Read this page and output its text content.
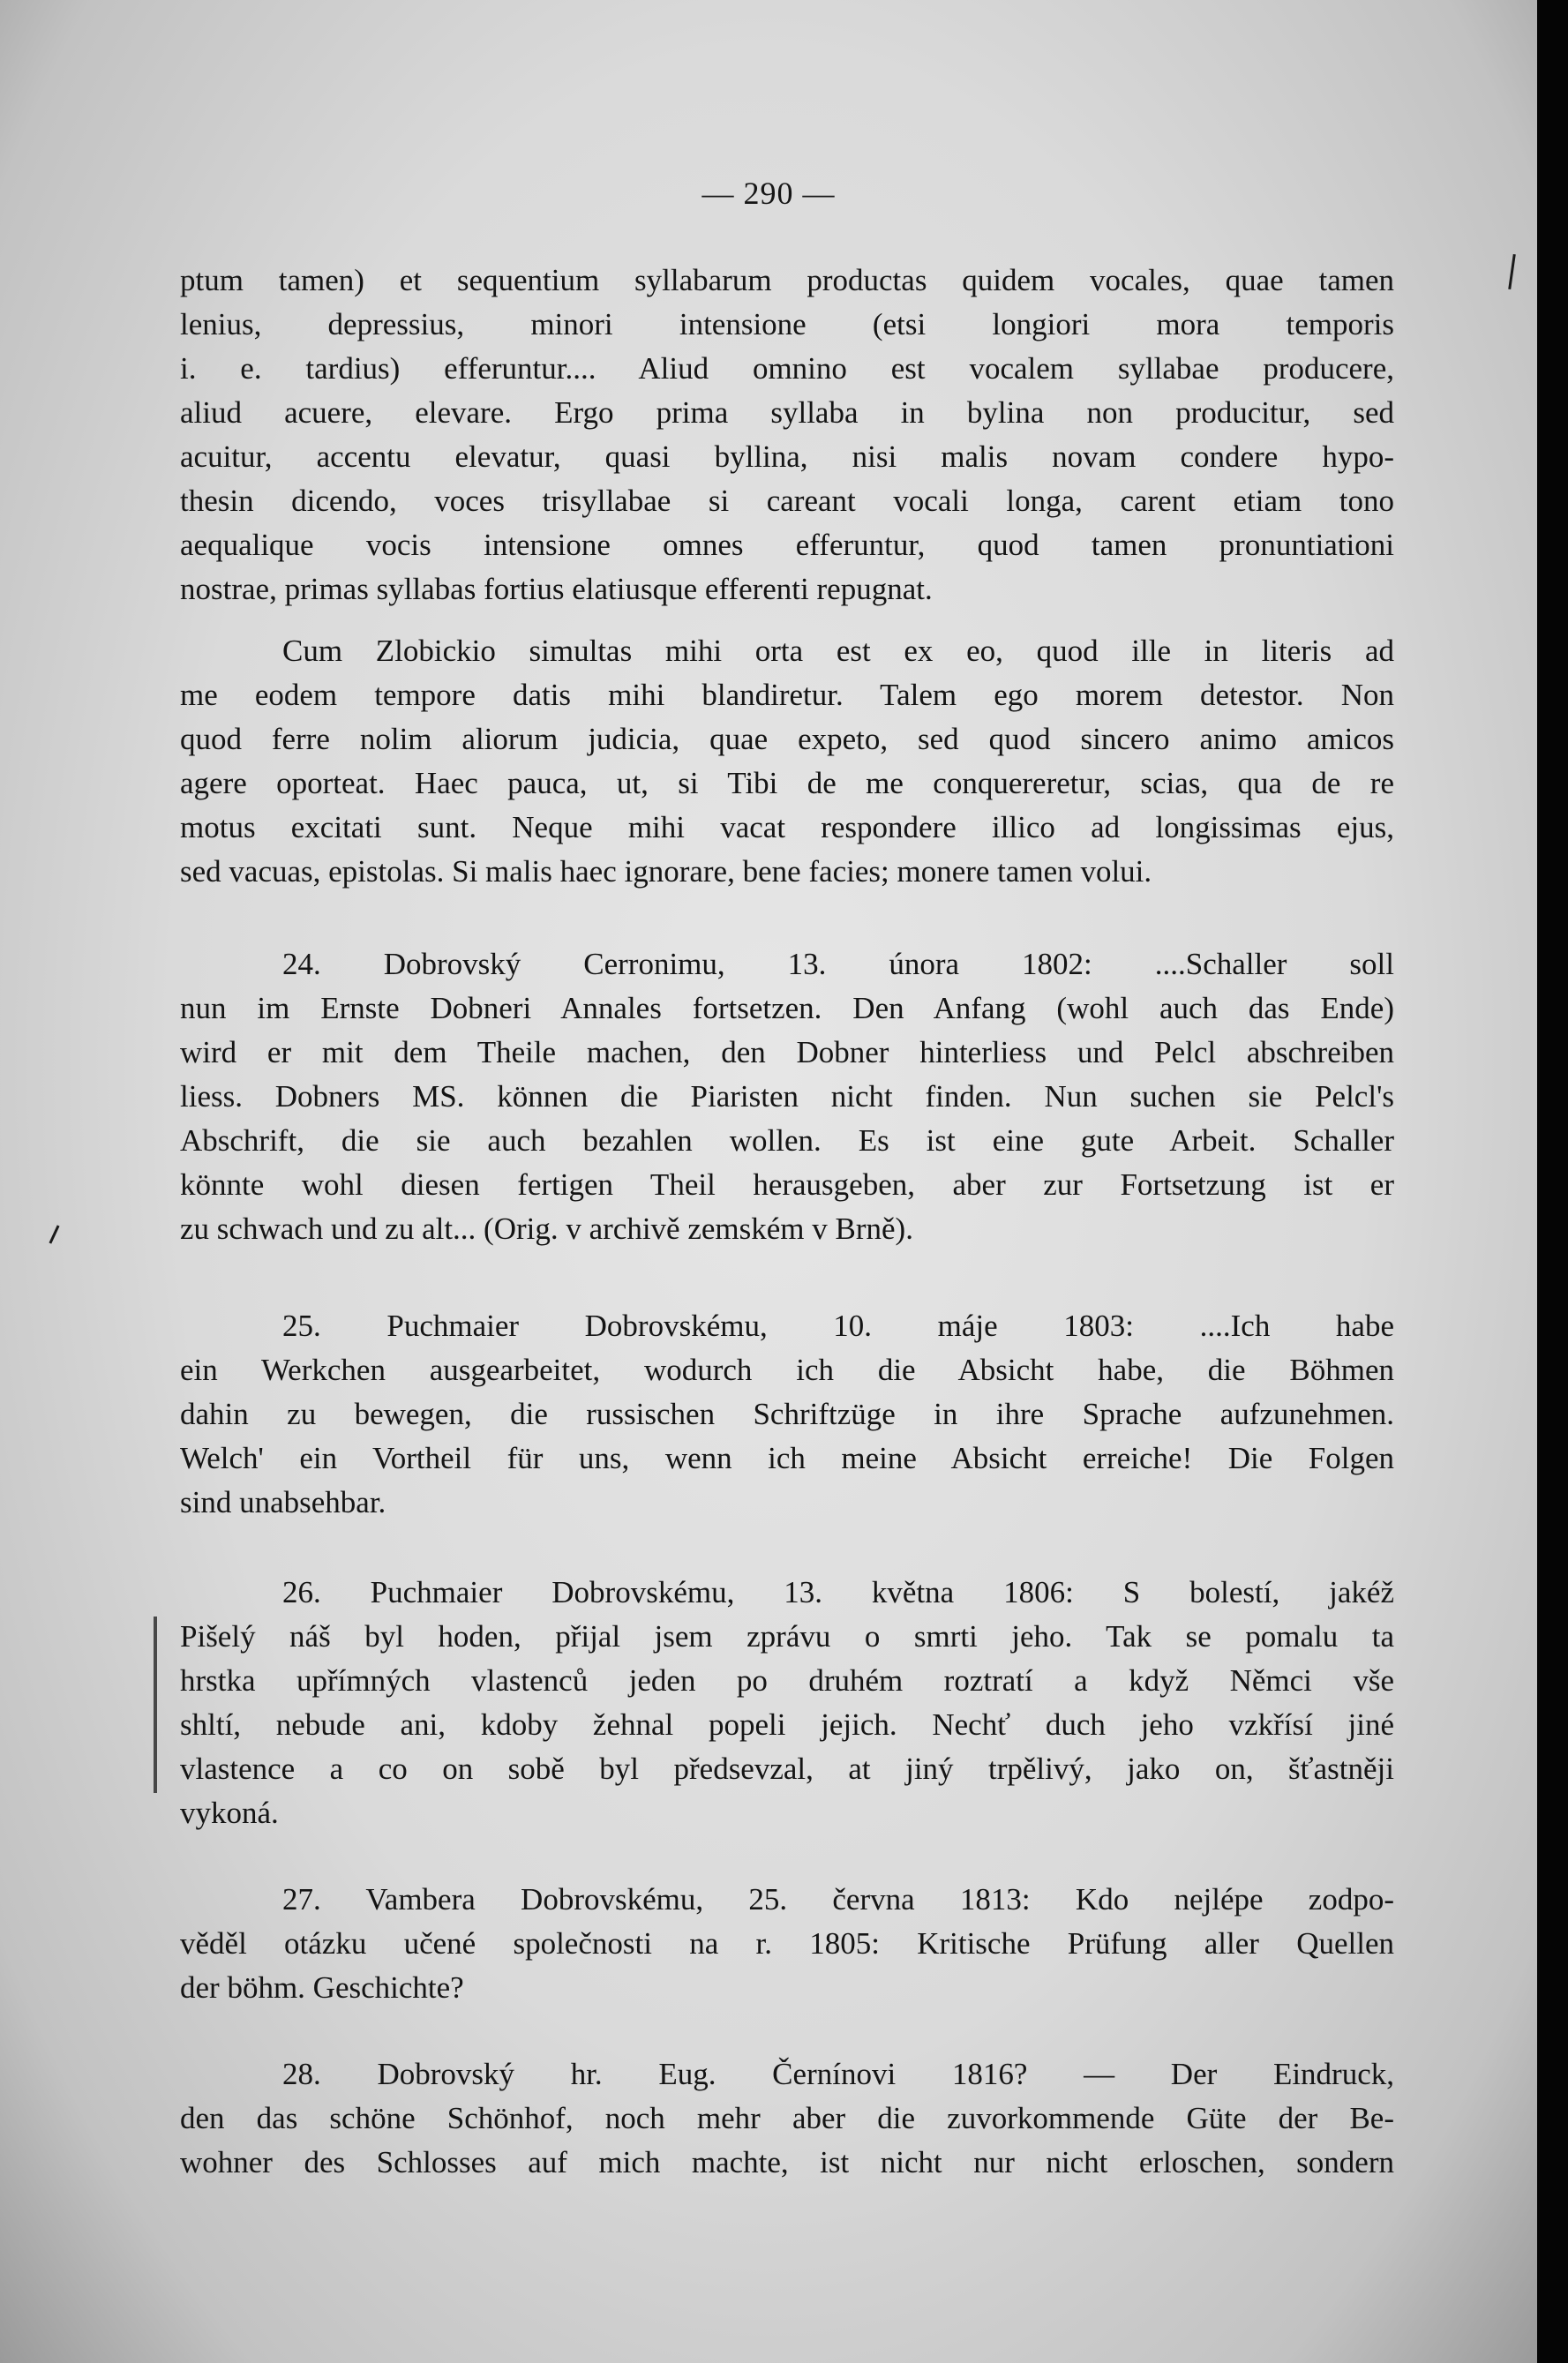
— 290 —
ptum tamen) et sequentium syllabarum productas quidem vocales, quae tamen
lenius, depressius, minori intensione (etsi longiori mora temporis
i. e. tardius) efferuntur.... Aliud omnino est vocalem syllabae producere,
aliud acuere, elevare. Ergo prima syllaba in bylina non producitur, sed
acuitur, accentu elevatur, quasi byllina, nisi malis novam condere hypo-
thesin dicendo, voces trisyllabae si careant vocali longa, carent etiam tono
aequalique vocis intensione omnes efferuntur, quod tamen pronuntiationi
nostrae, primas syllabas fortius elatiusque efferenti repugnat.
Cum Zlobickio simultas mihi orta est ex eo, quod ille in literis ad
me eodem tempore datis mihi blandiretur. Talem ego morem detestor. Non
quod ferre nolim aliorum judicia, quae expeto, sed quod sincero animo amicos
agere oporteat. Haec pauca, ut, si Tibi de me conquereretur, scias, qua de re
motus excitati sunt. Neque mihi vacat respondere illico ad longissimas ejus,
sed vacuas, epistolas. Si malis haec ignorare, bene facies; monere tamen volui.
24. Dobrovský Cerronimu, 13. února 1802: ....Schaller soll
nun im Ernste Dobneri Annales fortsetzen. Den Anfang (wohl auch das Ende)
wird er mit dem Theile machen, den Dobner hinterliess und Pelcl abschreiben
liess. Dobners MS. können die Piaristen nicht finden. Nun suchen sie Pelcl's
Abschrift, die sie auch bezahlen wollen. Es ist eine gute Arbeit. Schaller
könnte wohl diesen fertigen Theil herausgeben, aber zur Fortsetzung ist er
zu schwach und zu alt... (Orig. v archivě zemském v Brně).
25. Puchmaier Dobrovskému, 10. máje 1803: ....Ich habe
ein Werkchen ausgearbeitet, wodurch ich die Absicht habe, die Böhmen
dahin zu bewegen, die russischen Schriftzüge in ihre Sprache aufzunehmen.
Welch' ein Vortheil für uns, wenn ich meine Absicht erreiche! Die Folgen
sind unabsehbar.
26. Puchmaier Dobrovskému, 13. května 1806: S bolestí, jakéž
Pišelý náš byl hoden, přijal jsem zprávu o smrti jeho. Tak se pomalu ta
hrstka upřímných vlastenců jeden po druhém roztratí a když Němci vše
shltí, nebude ani, kdoby žehnal popeli jejich. Nechť duch jeho vzkřísí jiné
vlastence a co on sobě byl předsevzal, at jiný trpělivý, jako on, šťastněji
vykoná.
27. Vambera Dobrovskému, 25. června 1813: Kdo nejlépe zodpo-
věděl otázku učené společnosti na r. 1805: Kritische Prüfung aller Quellen
der böhm. Geschichte?
28. Dobrovský hr. Eug. Černínovi 1816? — Der Eindruck,
den das schöne Schönhof, noch mehr aber die zuvorkommende Güte der Be-
wohner des Schlosses auf mich machte, ist nicht nur nicht erloschen, sondern
